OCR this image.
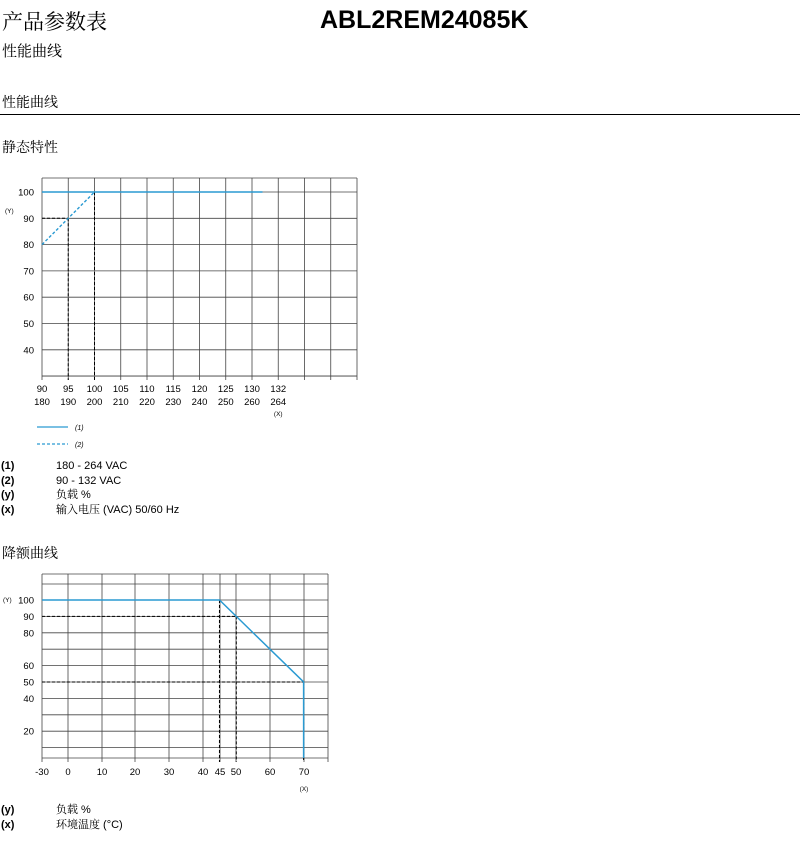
产品参数表
性能曲线
ABL2REM24085K
性能曲线
静态特性
100
90
80
70
60
50
40
(Y)
90 95 100 105 110 115 120 125 130 132
180 190 200 210 220 230 240 250 260 264
(X)
(1)
(2)
(1)	180 - 264 VAC
(2)	90 - 132 VAC
(y)	负载 %
(x)	输入电压 (VAC) 50/60 Hz
降额曲线
100
90
80
60
50
40
20
(Y)
-30 0	10 20 30 40 45 50 60 70
(X)
(y)	负载 %
(x)	环境温度 (°C)
